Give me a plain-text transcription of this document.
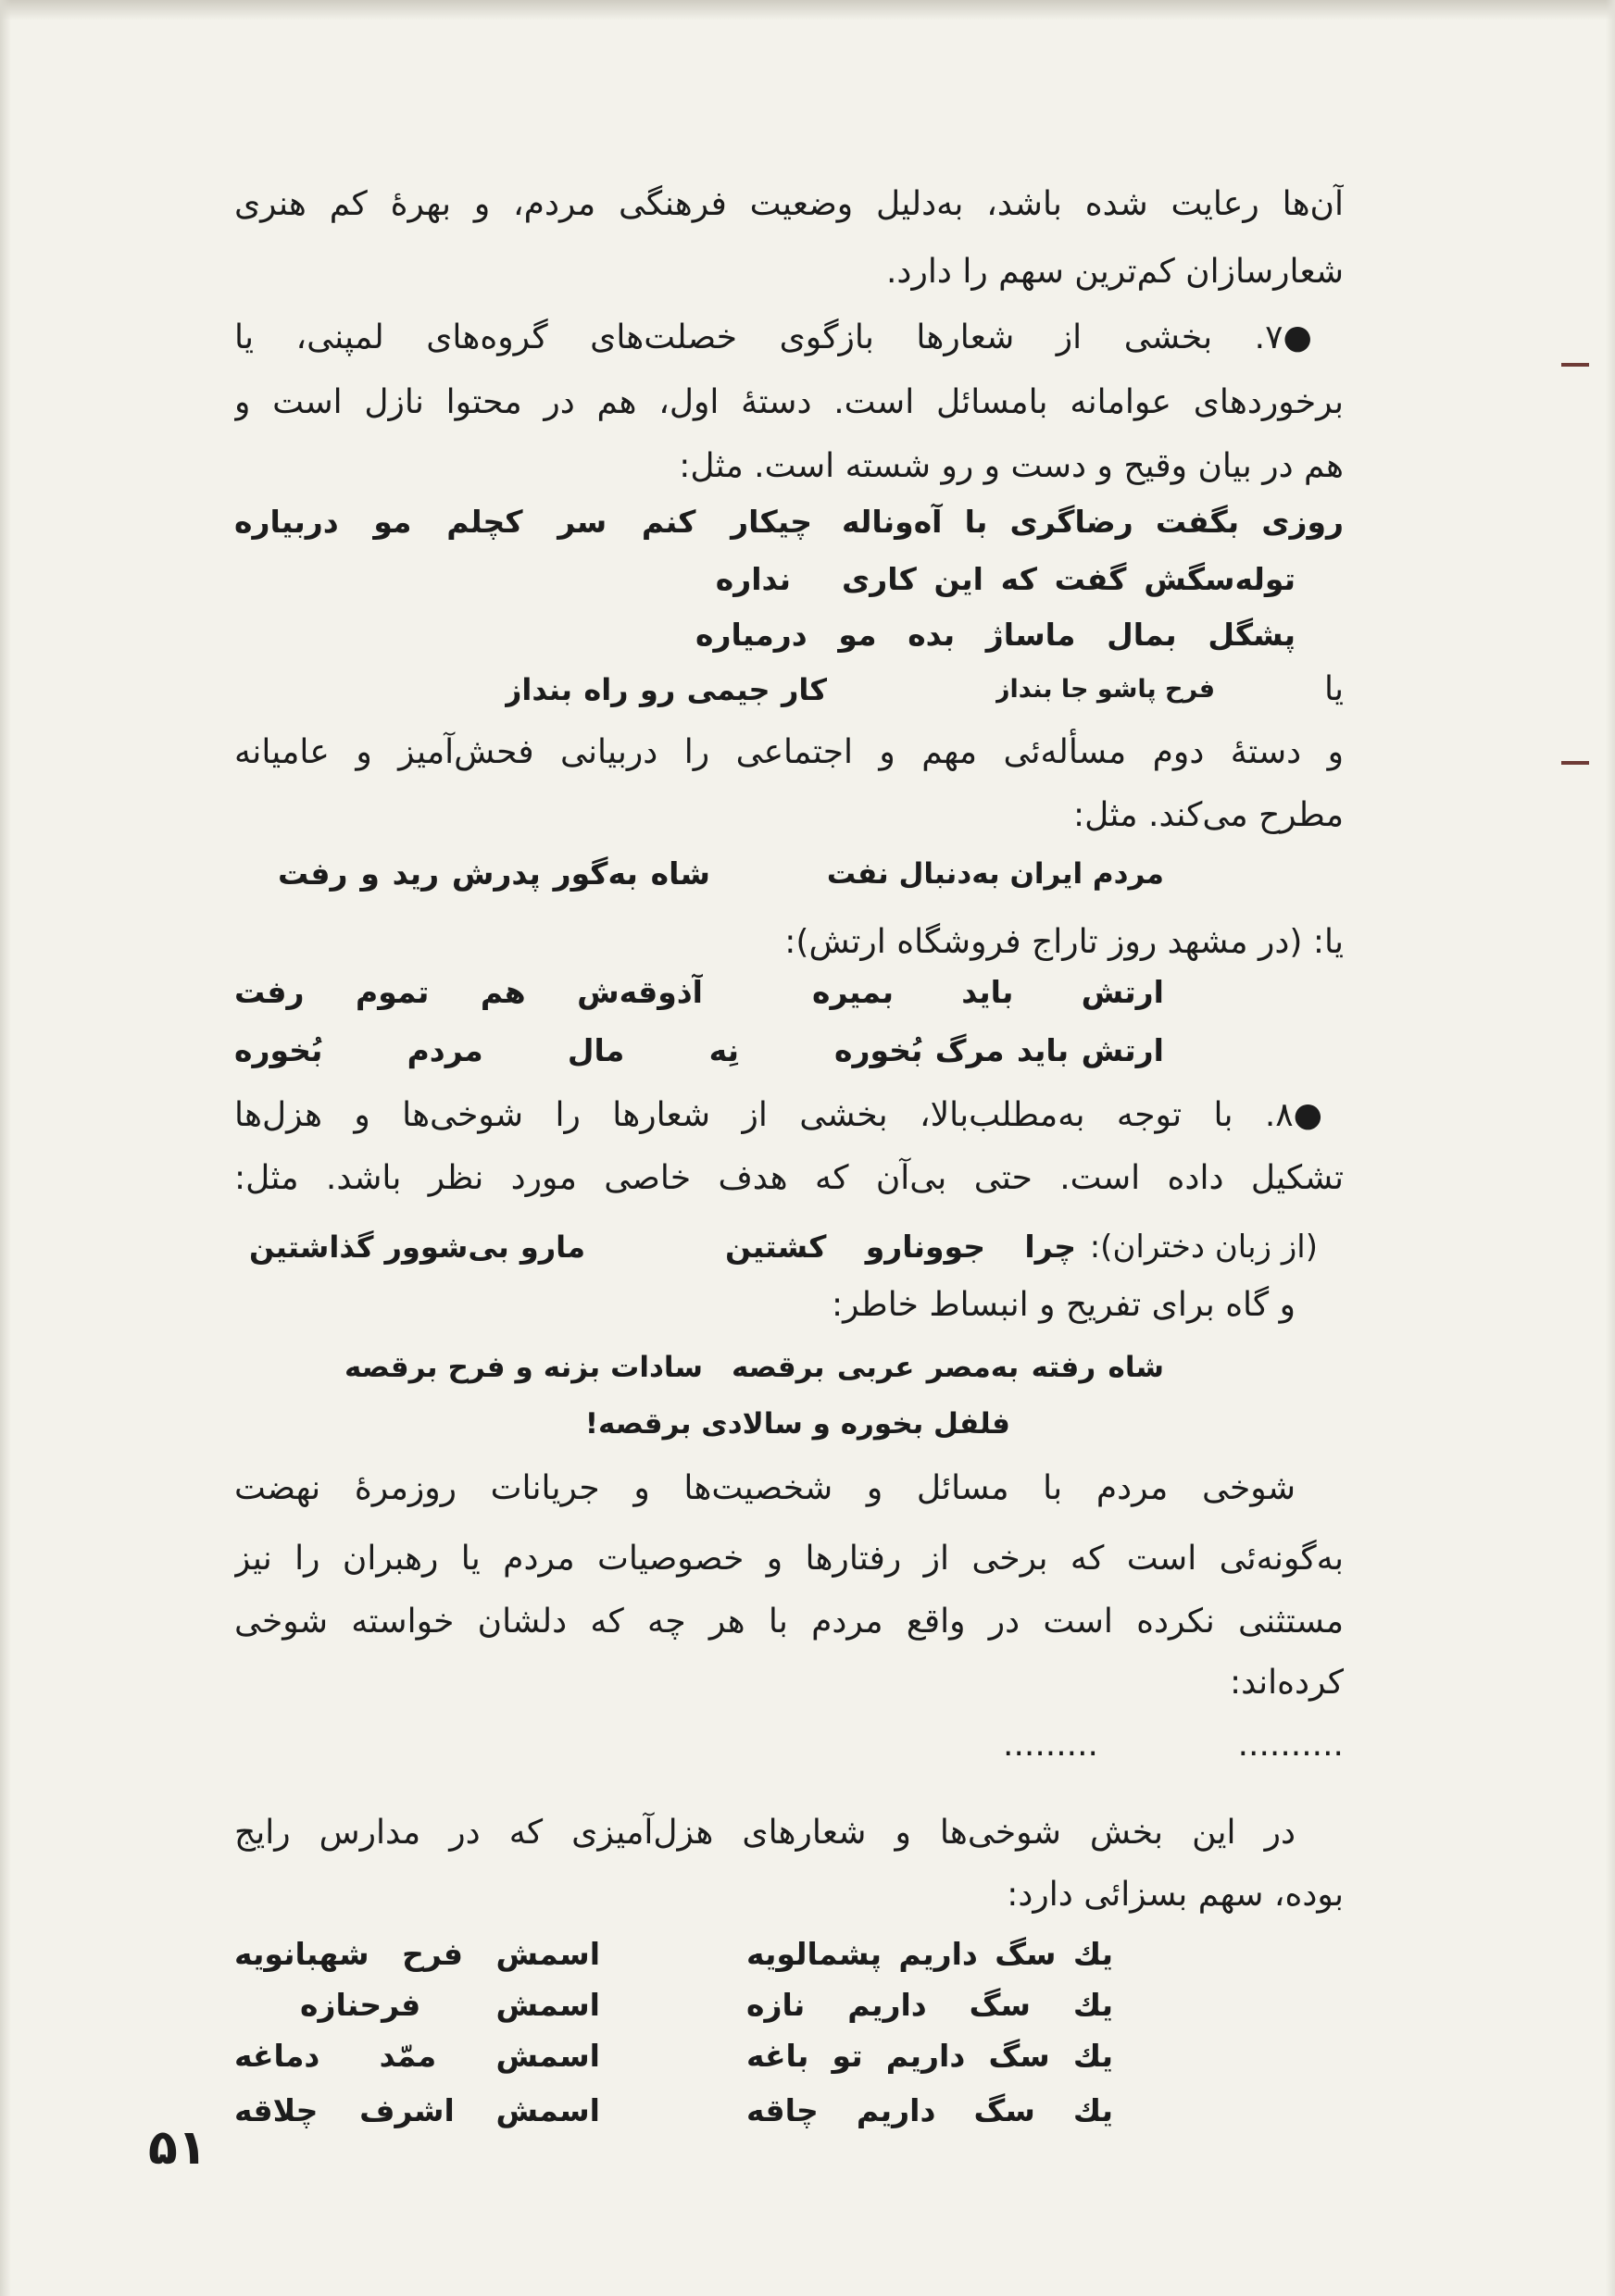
آن‌ها رعایت شده باشد، به‌دلیل وضعیت فرهنگی مردم، و بهرهٔ کم هنری
شعارسازان کم‌ترین سهم را دارد.
●۷. بخشی از شعارها بازگوی خصلت‌های گروه‌های لمپنی، یا
برخوردهای عوامانه بامسائل است. دستهٔ اول، هم در محتوا نازل است و
هم در بیان وقیح و دست و رو شسته است. مثل:
روزی بگفت رضاگری با آه‌وناله
چیکار کنم سر کچلم مو دربیاره
توله‌سگش گفت که این کاری
نداره
پشگل بمال ماساژ بده مو درمیاره
یا
فرح پاشو جا بنداز
کار جیمی رو راه بنداز
و دستهٔ دوم مسأله‌ئی مهم و اجتماعی را دربیانی فحش‌آمیز و عامیانه
مطرح می‌کند. مثل:
مردم ایران به‌دنبال نفت
شاه به‌گور پدرش رید و رفت
یا: (در مشهد روز تاراج فروشگاه ارتش):
ارتش باید بمیره
آذوقه‌ش هم تموم رفت
ارتش باید مرگ بُخوره
نِه مال مردم بُخوره
●۸. با توجه به‌مطلب‌بالا، بخشی از شعارها را شوخی‌ها و هزل‌ها
تشکیل داده است. حتی بی‌آن که هدف خاصی مورد نظر باشد. مثل:
(از زبان دختران):
چرا جوونارو کشتین
مارو بی‌شوور گذاشتین
و گاه برای تفریح و انبساط خاطر:
شاه رفته به‌مصر عربی برقصه
سادات بزنه و فرح برقصه
فلفل بخوره و سالادی برقصه!
شوخی مردم با مسائل و شخصیت‌ها و جریانات روزمرهٔ نهضت
به‌گونه‌ئی است که برخی از رفتارها و خصوصیات مردم یا رهبران را نیز
مستثنی نکرده است در واقع مردم با هر چه که دلشان خواسته شوخی
کرده‌اند:
..........
.........
در این بخش شوخی‌ها و شعارهای هزل‌آمیزی که در مدارس رایج
بوده، سهم بسزائی دارد:
یك سگ داریم پشمالویه
اسمش فرح شهبانویه
یك سگ داریم نازه
اسمش فرحنازه
یك سگ داریم تو باغه
اسمش ممّد دماغه
یك سگ داریم چاقه
اسمش اشرف چلاقه
۵۱
